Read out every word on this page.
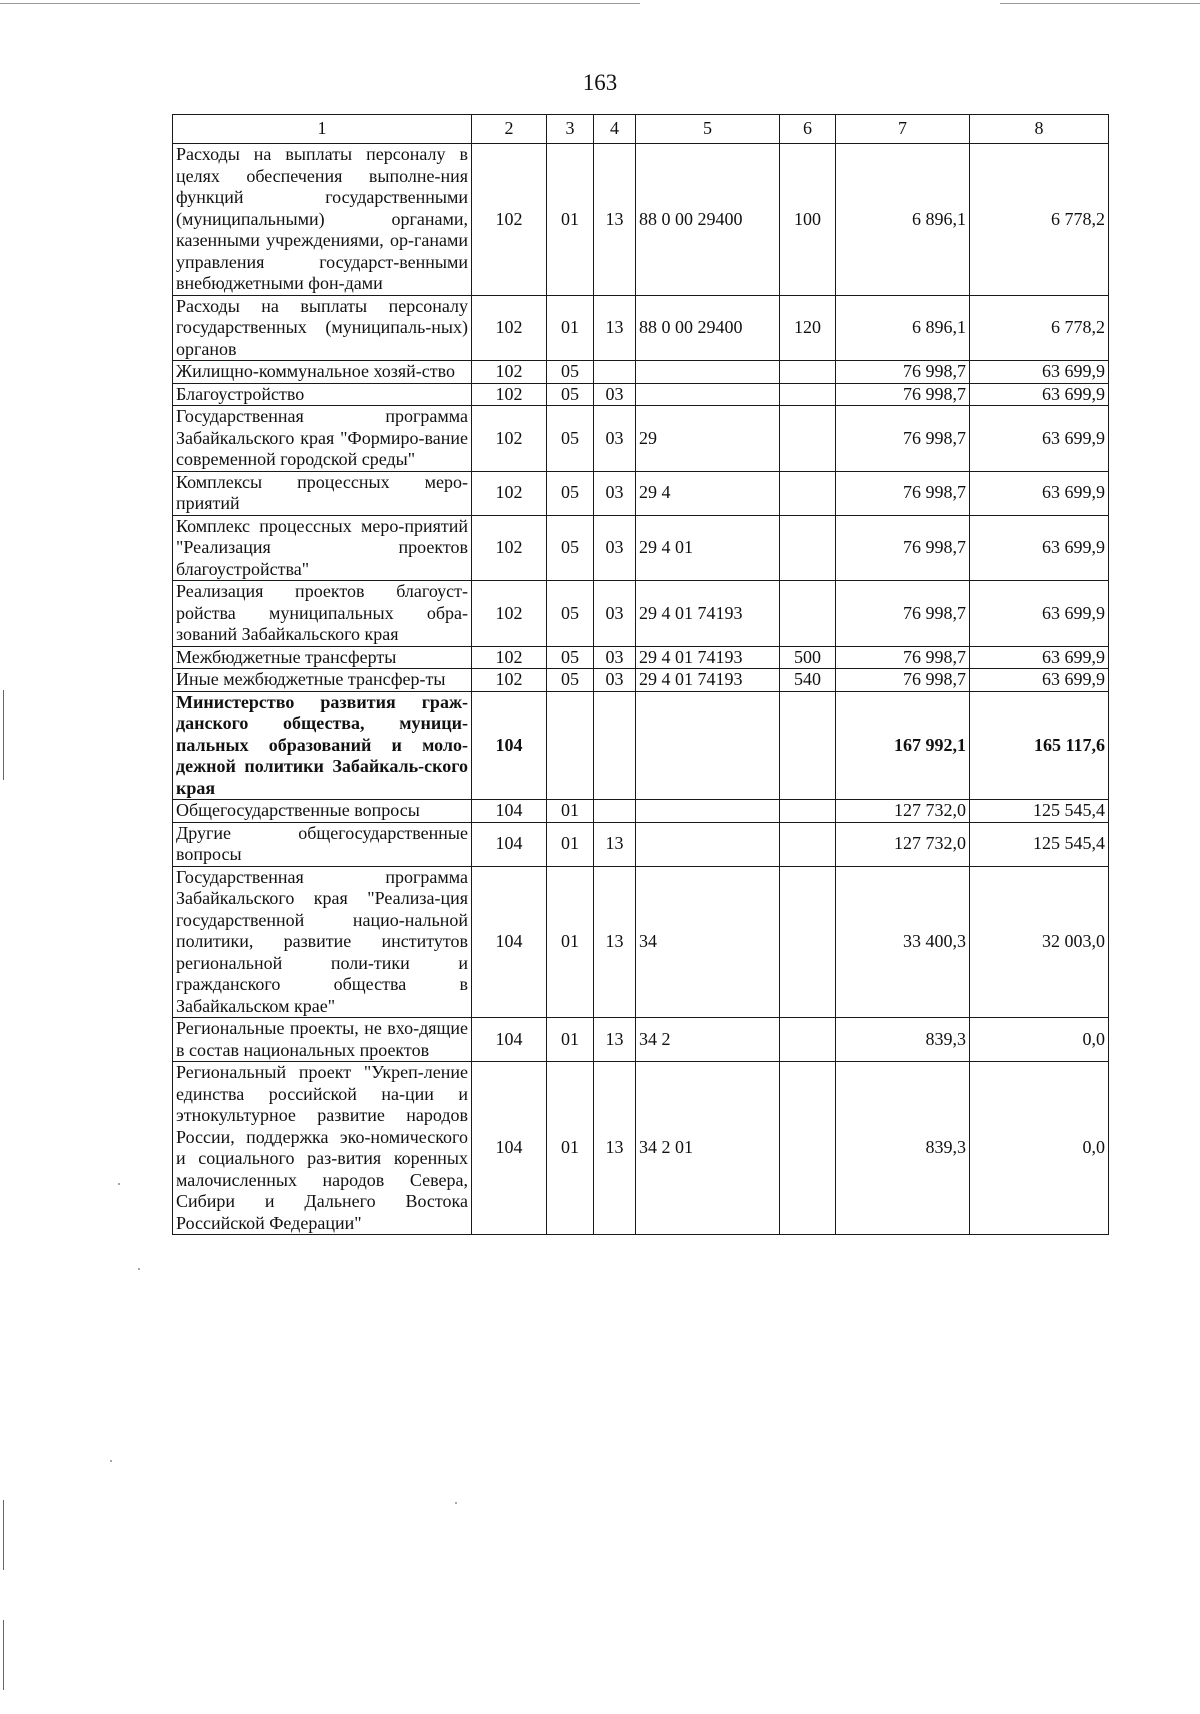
163
1	2	3	4	5	6	7	8
Расходы на выплаты персоналу в целях обеспечения выполне-ния функций государственными (муниципальными) органами, казенными учреждениями, ор-ганами управления государст-венными внебюджетными фон-дами	102	01	13	88 0 00 29400	100	6 896,1	6 778,2
Расходы на выплаты персоналу государственных (муниципаль-ных) органов	102	01	13	88 0 00 29400	120	6 896,1	6 778,2
Жилищно-коммунальное хозяй-ство	102	05				76 998,7	63 699,9
Благоустройство	102	05	03			76 998,7	63 699,9
Государственная программа Забайкальского края "Формиро-вание современной городской среды"	102	05	03	29		76 998,7	63 699,9
Комплексы процессных меро-приятий	102	05	03	29 4		76 998,7	63 699,9
Комплекс процессных меро-приятий "Реализация проектов благоустройства"	102	05	03	29 4 01		76 998,7	63 699,9
Реализация проектов благоуст-ройства муниципальных обра-зований Забайкальского края	102	05	03	29 4 01 74193		76 998,7	63 699,9
Межбюджетные трансферты	102	05	03	29 4 01 74193	500	76 998,7	63 699,9
Иные межбюджетные трансфер-ты	102	05	03	29 4 01 74193	540	76 998,7	63 699,9
Министерство развития граж-данского общества, муници-пальных образований и моло-дежной политики Забайкаль-ского края	104					167 992,1	165 117,6
Общегосударственные вопросы	104	01				127 732,0	125 545,4
Другие общегосударственные вопросы	104	01	13			127 732,0	125 545,4
Государственная программа Забайкальского края "Реализа-ция государственной нацио-нальной политики, развитие институтов региональной поли-тики и гражданского общества в Забайкальском крае"	104	01	13	34		33 400,3	32 003,0
Региональные проекты, не вхо-дящие в состав национальных проектов	104	01	13	34 2		839,3	0,0
Региональный проект "Укреп-ление единства российской на-ции и этнокультурное развитие народов России, поддержка эко-номического и социального раз-вития коренных малочисленных народов Севера, Сибири и Дальнего Востока Российской Федерации"	104	01	13	34 2 01		839,3	0,0
